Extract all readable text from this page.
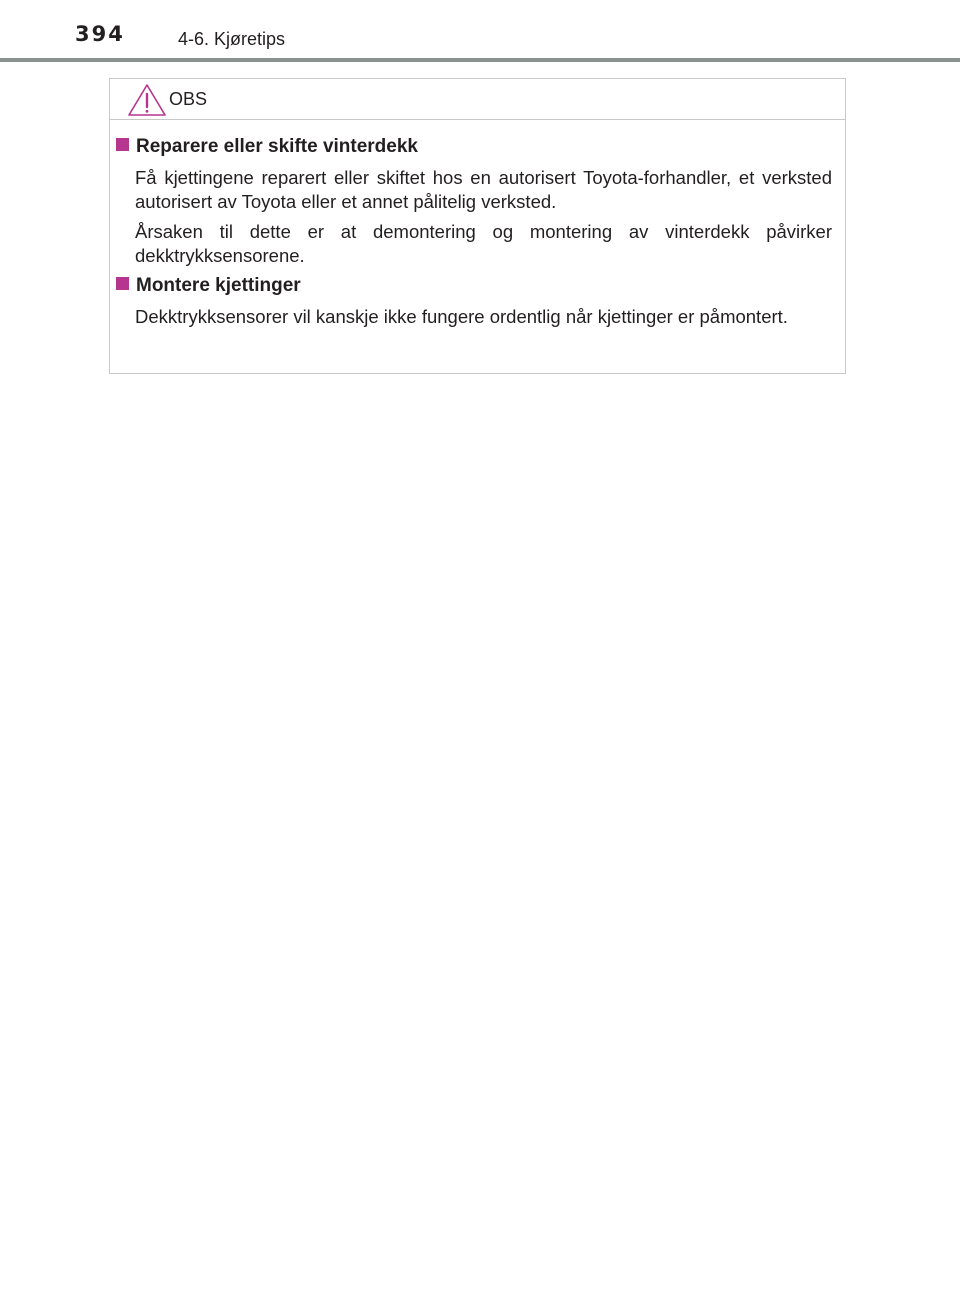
394	4-6. Kjøretips
OBS
Reparere eller skifte vinterdekk

Få kjettingene reparert eller skiftet hos en autorisert Toyota-forhandler, et verksted autorisert av Toyota eller et annet pålitelig verksted.

Årsaken til dette er at demontering og montering av vinterdekk påvirker dekktrykksensorene.

Montere kjettinger

Dekktrykksensorer vil kanskje ikke fungere ordentlig når kjettinger er påmontert.
